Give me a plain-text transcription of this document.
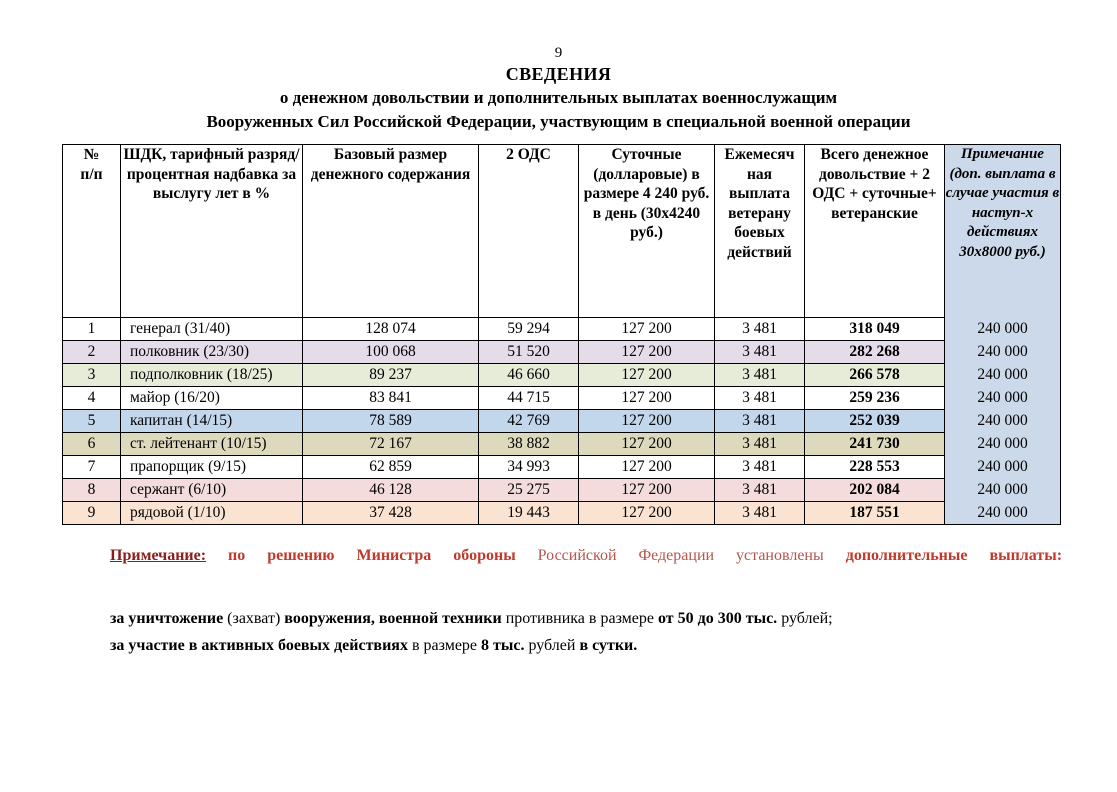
9
СВЕДЕНИЯ
о денежном довольствии и дополнительных выплатах военнослужащим
Вооруженных Сил Российской Федерации, участвующим в специальной военной операции
№
п/п	ШДК, тарифный разряд/процентная надбавка за выслугу лет в %	Базовый размер денежного содержания	2 ОДС	Суточные (долларовые) в размере 4 240 руб. в день (30х4240 руб.)	Ежемесяч ная выплата ветерану боевых действий	Всего денежное довольствие + 2 ОДС + суточные+ ветеранские	Примечание (доп. выплата в случае участия в наступ-х действиях 30х8000 руб.)
1	генерал (31/40)	128 074	59 294	127 200	3 481	318 049	240 000
2	полковник (23/30)	100 068	51 520	127 200	3 481	282 268	240 000
3	подполковник (18/25)	89 237	46 660	127 200	3 481	266 578	240 000
4	майор (16/20)	83 841	44 715	127 200	3 481	259 236	240 000
5	капитан (14/15)	78 589	42 769	127 200	3 481	252 039	240 000
6	ст. лейтенант (10/15)	72 167	38 882	127 200	3 481	241 730	240 000
7	прапорщик (9/15)	62 859	34 993	127 200	3 481	228 553	240 000
8	сержант (6/10)	46 128	25 275	127 200	3 481	202 084	240 000
9	рядовой (1/10)	37 428	19 443	127 200	3 481	187 551	240 000
Примечание: по решению Министра обороны Российской Федерации установлены дополнительные выплаты:
за уничтожение (захват) вооружения, военной техники противника в размере от 50 до 300 тыс. рублей;
за участие в активных боевых действиях в размере 8 тыс. рублей в сутки.
